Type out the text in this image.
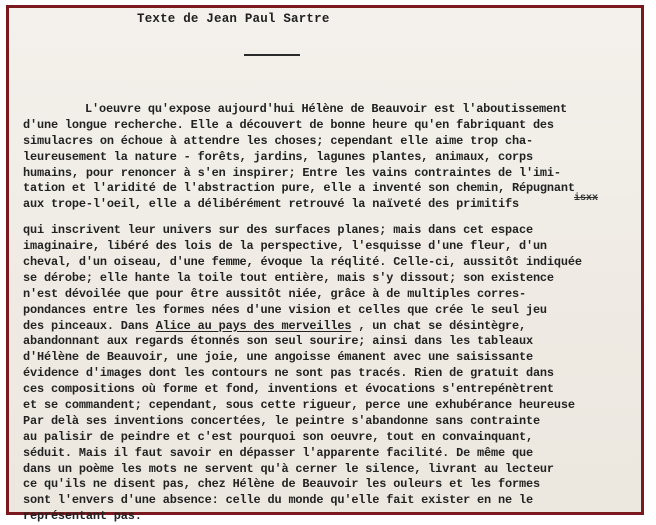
Texte de Jean Paul Sartre
isxx
L'oeuvre qu'expose aujourd'hui Hélène de Beauvoir est l'aboutissement
d'une longue recherche. Elle a découvert de bonne heure qu'en fabriquant des
simulacres on échoue à attendre les choses; cependant elle aime trop cha-
leureusement la nature - forêts, jardins, lagunes plantes, animaux, corps
humains, pour renoncer à s'en inspirer; Entre les vains contraintes de l'imi-
tation et l'aridité de l'abstraction pure, elle a inventé son chemin, Répugnant
aux trope-l'oeil, elle a délibérément retrouvé la naïveté des primitifs
qui inscrivent leur univers sur des surfaces planes; mais dans cet espace
imaginaire, libéré des lois de la perspective, l'esquisse d'une fleur, d'un
cheval, d'un oiseau, d'une femme, évoque la réqlité. Celle-ci, aussitôt indiquée
se dérobe; elle hante la toile tout entière, mais s'y dissout; son existence
n'est dévoilée que pour être aussitôt niée, grâce à de multiples corres-
pondances entre les formes nées d'une vision et celles que crée le seul jeu
des pinceaux. Dans Alice au pays des merveilles , un chat se désintègre,
abandonnant aux regards étonnés son seul sourire; ainsi dans les tableaux
d'Hélène de Beauvoir, une joie, une angoisse émanent avec une saisissante
évidence d'images dont les contours ne sont pas tracés. Rien de gratuit dans
ces compositions où forme et fond, inventions et évocations s'entrepénètrent
et se commandent; cependant, sous cette rigueur, perce une exhubérance heureuse
Par delà ses inventions concertées, le peintre s'abandonne sans contrainte
au palisir de peindre et c'est pourquoi son oeuvre, tout en convainquant,
séduit. Mais il faut savoir en dépasser l'apparente facilité. De même que
dans un poème les mots ne servent qu'à cerner le silence, livrant au lecteur
ce qu'ils ne disent pas, chez Hélène de Beauvoir les ouleurs et les formes
sont l'envers d'une absence: celle du monde qu'elle fait exister en ne le
représentant pas.
